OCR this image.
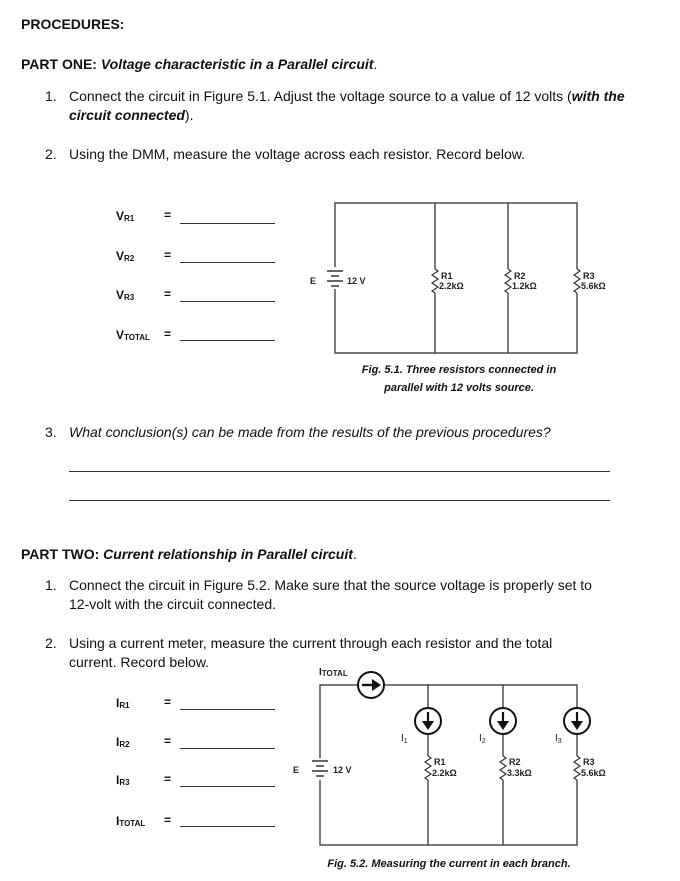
PROCEDURES:
PART ONE: Voltage characteristic in a Parallel circuit.
1. Connect the circuit in Figure 5.1. Adjust the voltage source to a value of 12 volts (with the circuit connected).
2. Using the DMM, measure the voltage across each resistor. Record below.
$V_{R1}$ =
$V_{R2}$ =
$V_{R3}$ =
$V_{TOTAL}$ =
E	12 V	R1
2.2kΩ
R2
1.2kΩ
R3
5.6kΩ
Fig. 5.1. Three resistors connected in
parallel with 12 volts source.
3. What conclusion(s) can be made from the results of the previous procedures?
PART TWO: Current relationship in Parallel circuit.
1. Connect the circuit in Figure 5.2. Make sure that the source voltage is properly set to
12-volt with the circuit connected.
2. Using a current meter, measure the current through each resistor and the total
current. Record below.
$I_{R1}$	=
$I_{R2}$	=
$I_{R3}$	=
$I_{TOTAL}$ =
ITOTAL
$I_1$	$I_2$	$I_3$
E	12 V
R1
2.2kΩ
R2
3.3kΩ
R3
5.6kΩ
Fig. 5.2. Measuring the current in each branch.
